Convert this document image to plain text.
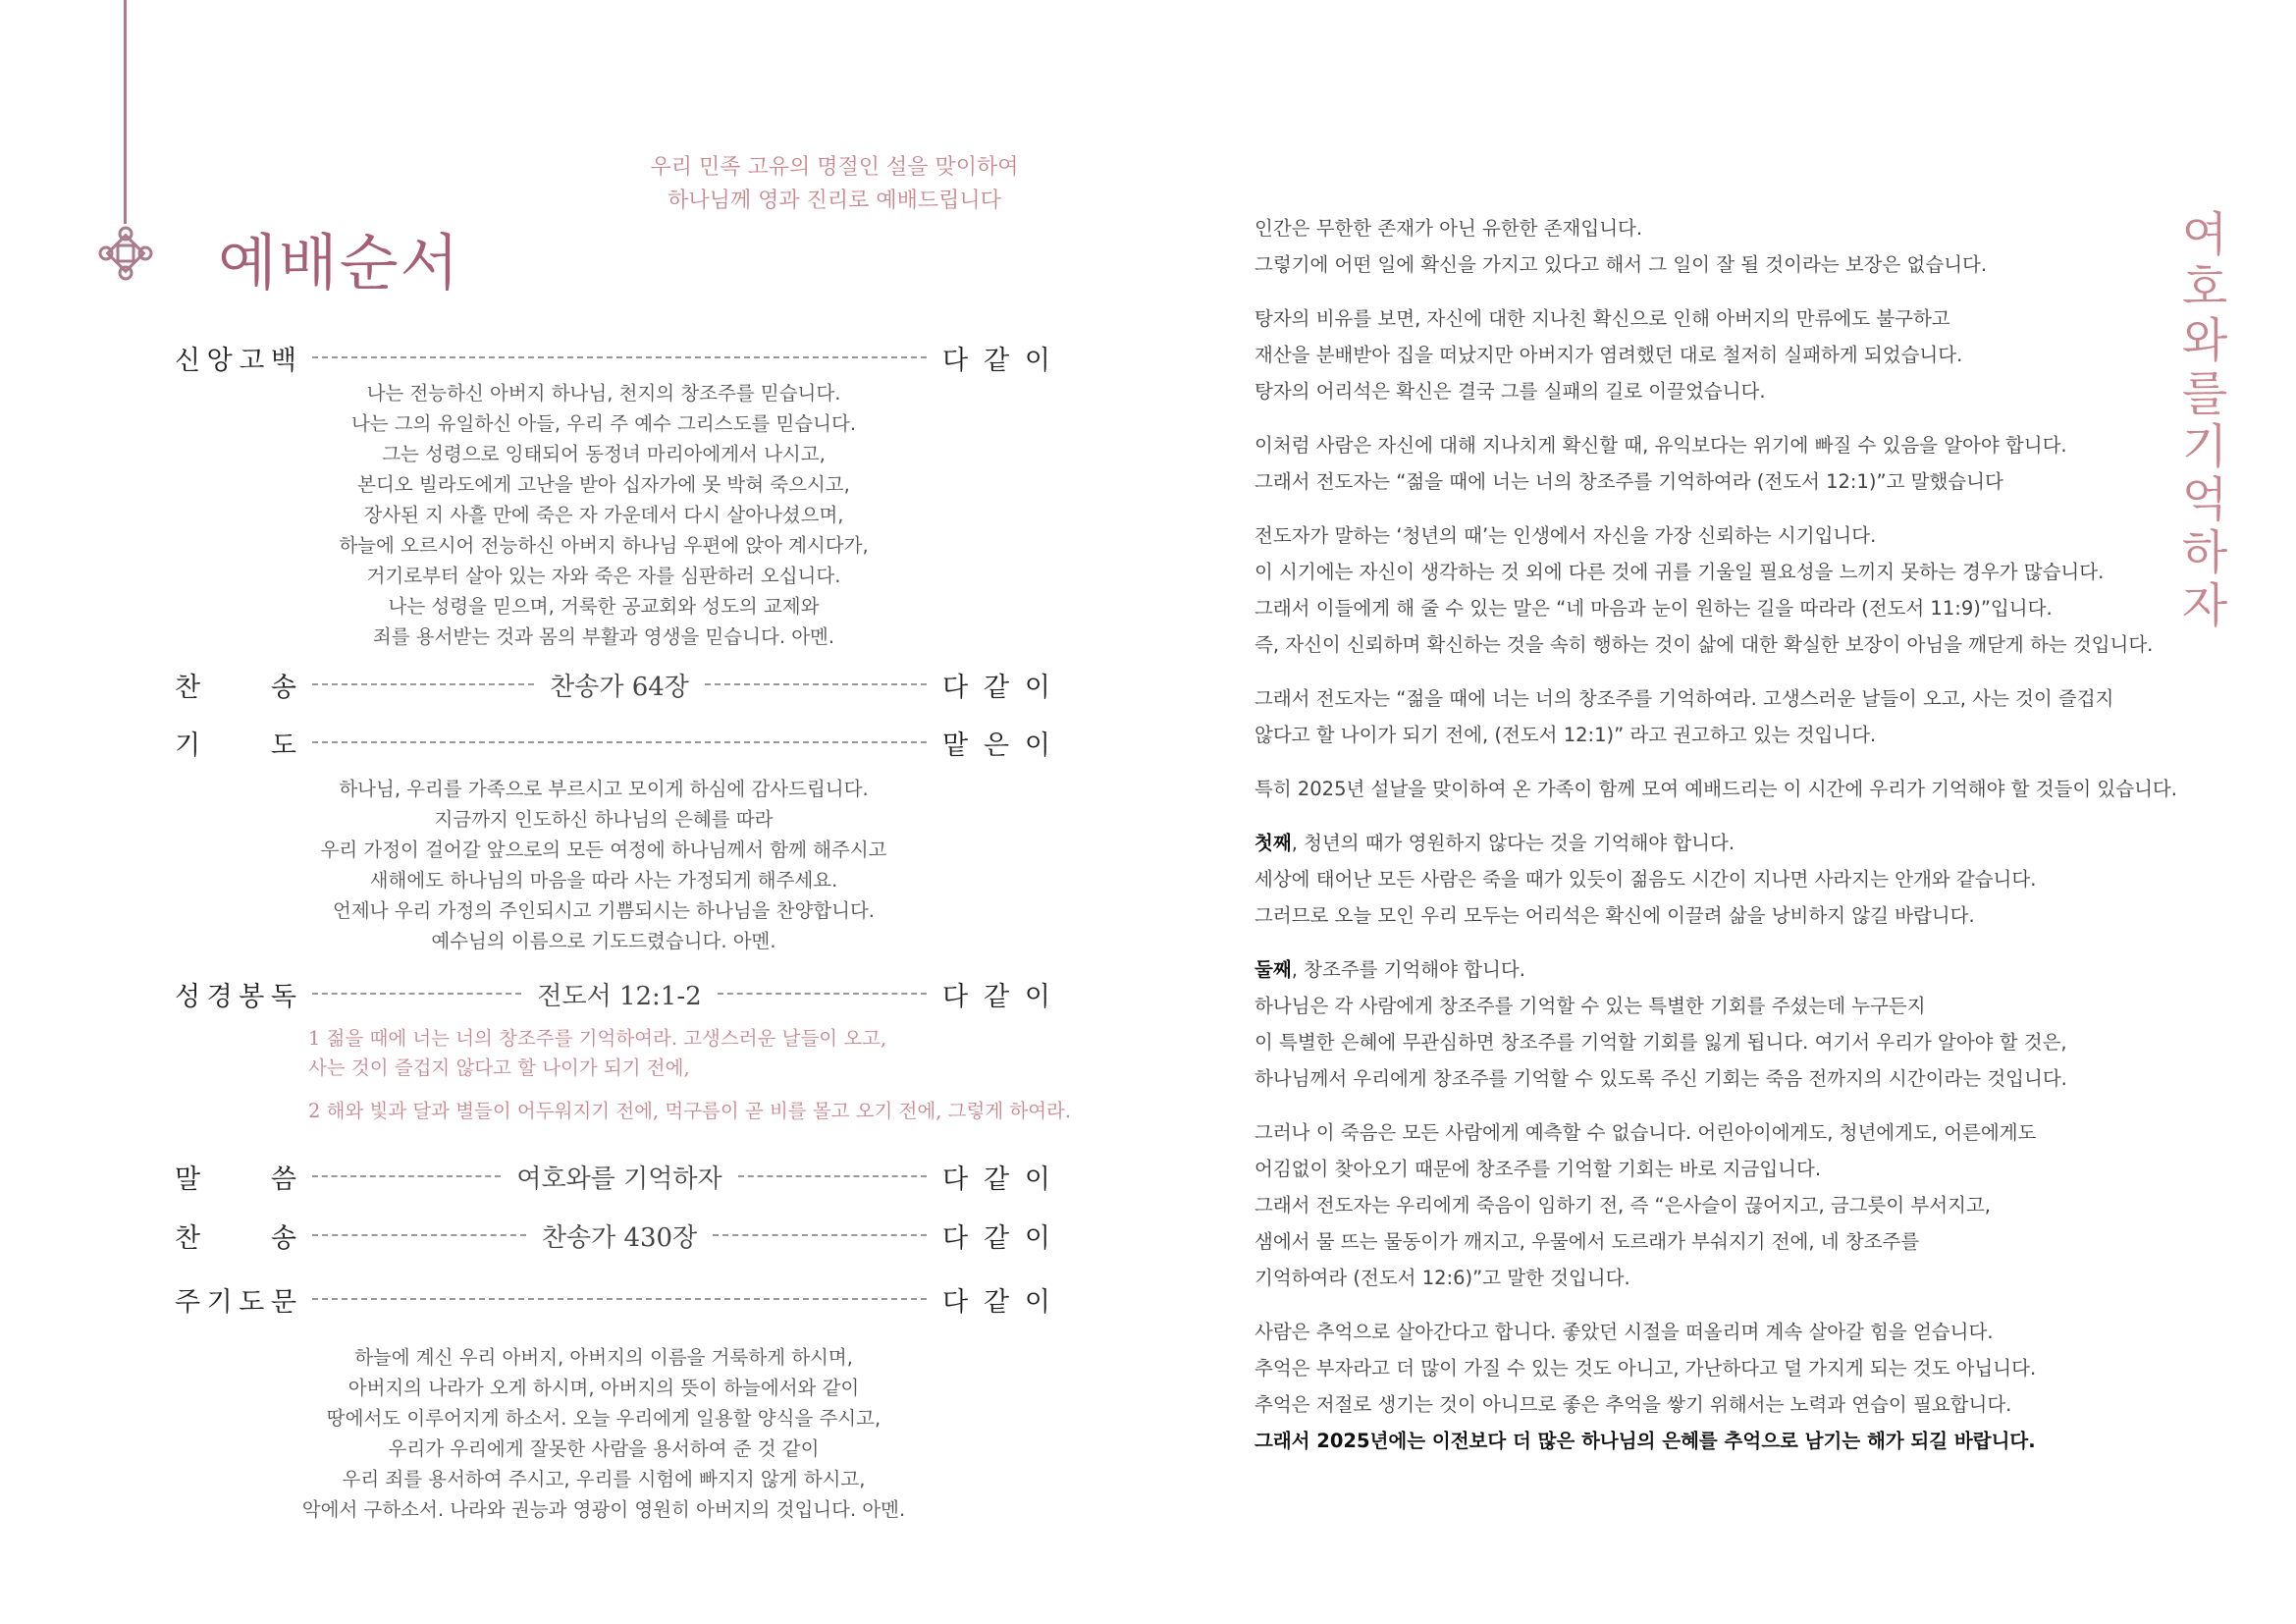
우리 민족 고유의 명절인 설을 맞이하여
하나님께 영과 진리로 예배드립니다
예배순서
신 앙 고 백	다 같 이
찬	송	찬송가 64장	다 같 이
기	도	맡 은 이
성 경 봉 독	전도서 12:1-2	다 같 이
말	씀	여호와를 기억하자	다 같 이
찬	송	찬송가 430장	다 같 이
주 기 도 문	다 같 이
나는 전능하신 아버지 하나님, 천지의 창조주를 믿습니다.
나는 그의 유일하신 아들, 우리 주 예수 그리스도를 믿습니다.
그는 성령으로 잉태되어 동정녀 마리아에게서 나시고,
본디오 빌라도에게 고난을 받아 십자가에 못 박혀 죽으시고,
장사된 지 사흘 만에 죽은 자 가운데서 다시 살아나셨으며,
하늘에 오르시어 전능하신 아버지 하나님 우편에 앉아 계시다가,
거기로부터 살아 있는 자와 죽은 자를 심판하러 오십니다.
나는 성령을 믿으며, 거룩한 공교회와 성도의 교제와
죄를 용서받는 것과 몸의 부활과 영생을 믿습니다. 아멘.
하나님, 우리를 가족으로 부르시고 모이게 하심에 감사드립니다.
지금까지 인도하신 하나님의 은혜를 따라
우리 가정이 걸어갈 앞으로의 모든 여정에 하나님께서 함께 해주시고
새해에도 하나님의 마음을 따라 사는 가정되게 해주세요.
언제나 우리 가정의 주인되시고 기쁨되시는 하나님을 찬양합니다.
예수님의 이름으로 기도드렸습니다. 아멘.
1 젊을 때에 너는 너의 창조주를 기억하여라. 고생스러운 날들이 오고,
사는 것이 즐겁지 않다고 할 나이가 되기 전에,
2 해와 빛과 달과 별들이 어두워지기 전에, 먹구름이 곧 비를 몰고 오기 전에, 그렇게 하여라.
하늘에 계신 우리 아버지, 아버지의 이름을 거룩하게 하시며,
아버지의 나라가 오게 하시며, 아버지의 뜻이 하늘에서와 같이
땅에서도 이루어지게 하소서. 오늘 우리에게 일용할 양식을 주시고,
우리가 우리에게 잘못한 사람을 용서하여 준 것 같이
우리 죄를 용서하여 주시고, 우리를 시험에 빠지지 않게 하시고,
악에서 구하소서. 나라와 권능과 영광이 영원히 아버지의 것입니다. 아멘.
인간은 무한한 존재가 아닌 유한한 존재입니다.
그렇기에 어떤 일에 확신을 가지고 있다고 해서 그 일이 잘 될 것이라는 보장은 없습니다.
탕자의 비유를 보면, 자신에 대한 지나친 확신으로 인해 아버지의 만류에도 불구하고
재산을 분배받아 집을 떠났지만 아버지가 염려했던 대로 철저히 실패하게 되었습니다.
탕자의 어리석은 확신은 결국 그를 실패의 길로 이끌었습니다.
이처럼 사람은 자신에 대해 지나치게 확신할 때, 유익보다는 위기에 빠질 수 있음을 알아야 합니다.
그래서 전도자는 “젊을 때에 너는 너의 창조주를 기억하여라 (전도서 12:1)”고 말했습니다
전도자가 말하는 ‘청년의 때’는 인생에서 자신을 가장 신뢰하는 시기입니다.
이 시기에는 자신이 생각하는 것 외에 다른 것에 귀를 기울일 필요성을 느끼지 못하는 경우가 많습니다.
그래서 이들에게 해 줄 수 있는 말은 “네 마음과 눈이 원하는 길을 따라라 (전도서 11:9)”입니다.
즉, 자신이 신뢰하며 확신하는 것을 속히 행하는 것이 삶에 대한 확실한 보장이 아님을 깨닫게 하는 것입니다.
그래서 전도자는 “젊을 때에 너는 너의 창조주를 기억하여라. 고생스러운 날들이 오고, 사는 것이 즐겁지
않다고 할 나이가 되기 전에, (전도서 12:1)” 라고 권고하고 있는 것입니다.
특히 2025년 설날을 맞이하여 온 가족이 함께 모여 예배드리는 이 시간에 우리가 기억해야 할 것들이 있습니다.
첫째, 청년의 때가 영원하지 않다는 것을 기억해야 합니다.
세상에 태어난 모든 사람은 죽을 때가 있듯이 젊음도 시간이 지나면 사라지는 안개와 같습니다.
그러므로 오늘 모인 우리 모두는 어리석은 확신에 이끌려 삶을 낭비하지 않길 바랍니다.
둘째, 창조주를 기억해야 합니다.
하나님은 각 사람에게 창조주를 기억할 수 있는 특별한 기회를 주셨는데 누구든지
이 특별한 은혜에 무관심하면 창조주를 기억할 기회를 잃게 됩니다. 여기서 우리가 알아야 할 것은,
하나님께서 우리에게 창조주를 기억할 수 있도록 주신 기회는 죽음 전까지의 시간이라는 것입니다.
그러나 이 죽음은 모든 사람에게 예측할 수 없습니다. 어린아이에게도, 청년에게도, 어른에게도
어김없이 찾아오기 때문에 창조주를 기억할 기회는 바로 지금입니다.
그래서 전도자는 우리에게 죽음이 임하기 전, 즉 “은사슬이 끊어지고, 금그릇이 부서지고,
샘에서 물 뜨는 물동이가 깨지고, 우물에서 도르래가 부숴지기 전에, 네 창조주를
기억하여라 (전도서 12:6)”고 말한 것입니다.
사람은 추억으로 살아간다고 합니다. 좋았던 시절을 떠올리며 계속 살아갈 힘을 얻습니다.
추억은 부자라고 더 많이 가질 수 있는 것도 아니고, 가난하다고 덜 가지게 되는 것도 아닙니다.
추억은 저절로 생기는 것이 아니므로 좋은 추억을 쌓기 위해서는 노력과 연습이 필요합니다.
그래서 2025년에는 이전보다 더 많은 하나님의 은혜를 추억으로 남기는 해가 되길 바랍니다.
여
호
와
를
기
억
하
자
